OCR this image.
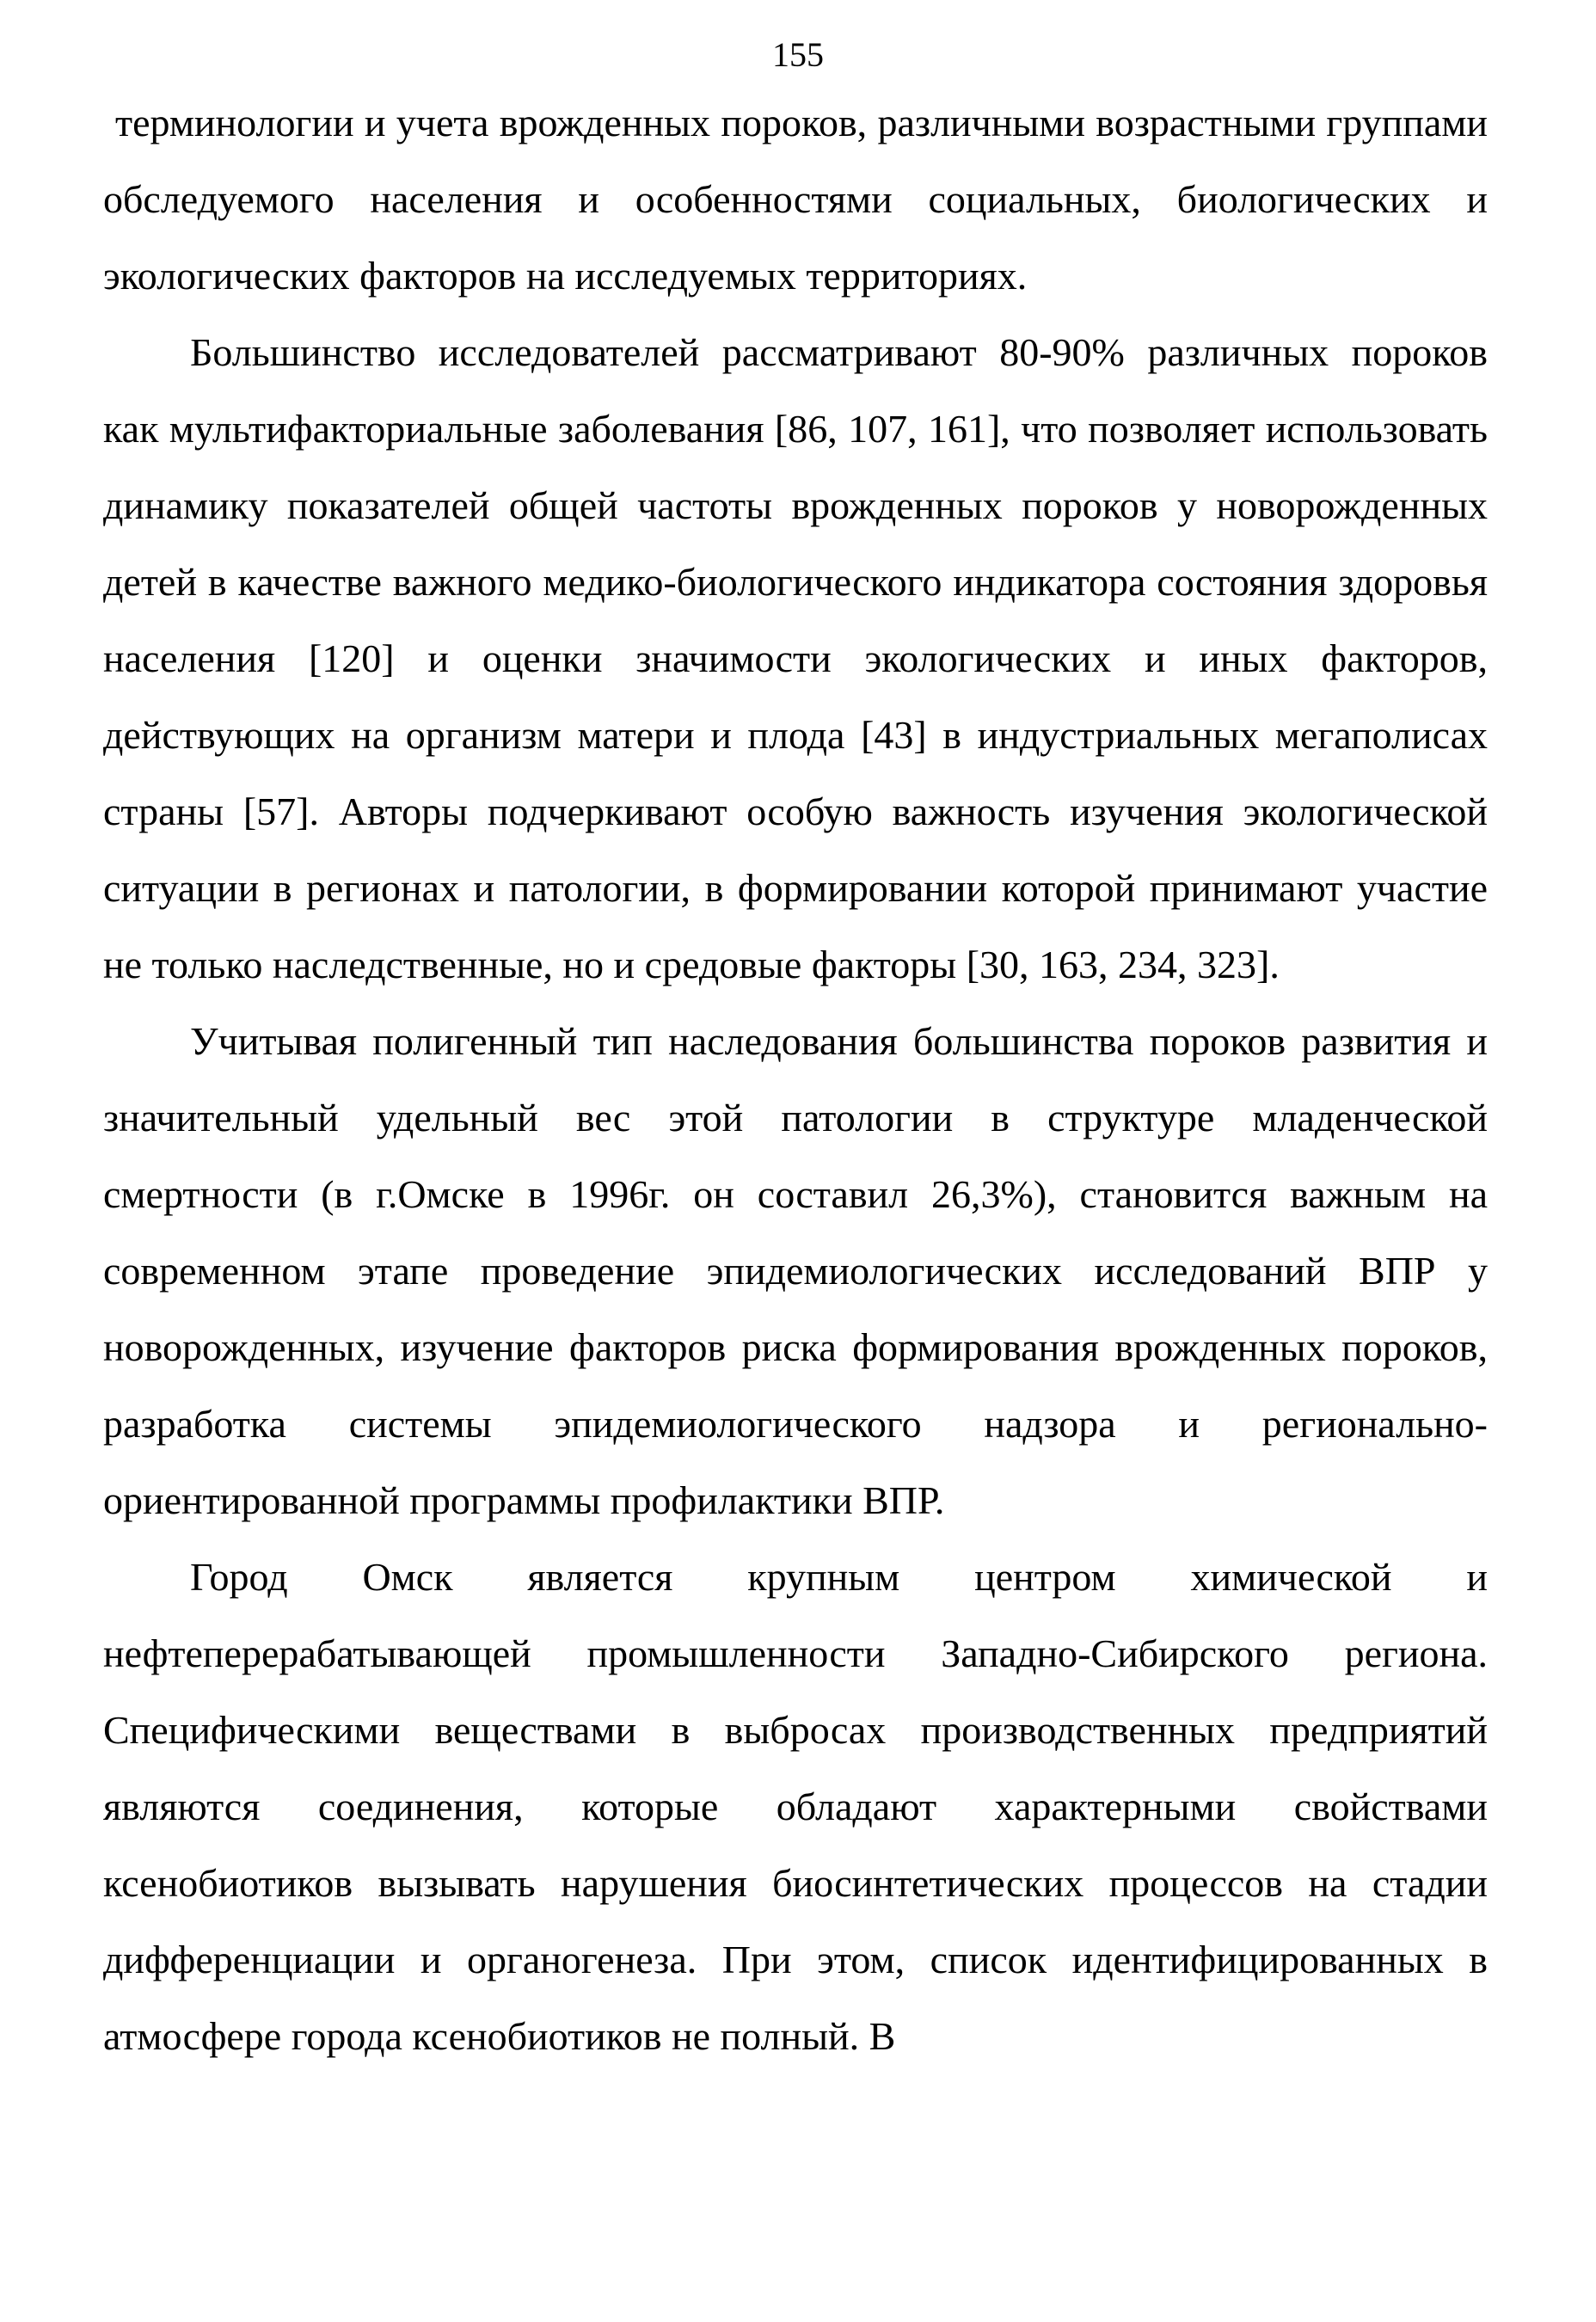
155

терминологии и учета врожденных пороков, различными возрастными группами обследуемого населения и особенностями социальных, биологических и экологических факторов на исследуемых территориях.

Большинство исследователей рассматривают 80-90% различных пороков как мультифакториальные заболевания [86, 107, 161], что позволяет использовать динамику показателей общей частоты врожденных пороков у новорожденных детей в качестве важного медико-биологического индикатора состояния здоровья населения [120] и оценки значимости экологических и иных факторов, действующих на организм матери и плода [43] в индустриальных мегаполисах страны [57]. Авторы подчеркивают особую важность изучения экологической ситуации в регионах и патологии, в формировании которой принимают участие не только наследственные, но и средовые факторы [30, 163, 234, 323].

Учитывая полигенный тип наследования большинства пороков развития и значительный удельный вес этой патологии в структуре младенческой смертности (в г.Омске в 1996г. он составил 26,3%), становится важным на современном этапе проведение эпидемиологических исследований ВПР у новорожденных, изучение факторов риска формирования врожденных пороков, разработка системы эпидемиологического надзора и регионально-ориентированной программы профилактики ВПР.

Город Омск является крупным центром химической и нефтеперерабатывающей промышленности Западно-Сибирского региона. Специфическими веществами в выбросах производственных предприятий являются соединения, которые обладают характерными свойствами ксенобиотиков вызывать нарушения биосинтетических процессов на стадии дифференциации и органогенеза. При этом, список идентифицированных в атмосфере города ксенобиотиков не полный. В
